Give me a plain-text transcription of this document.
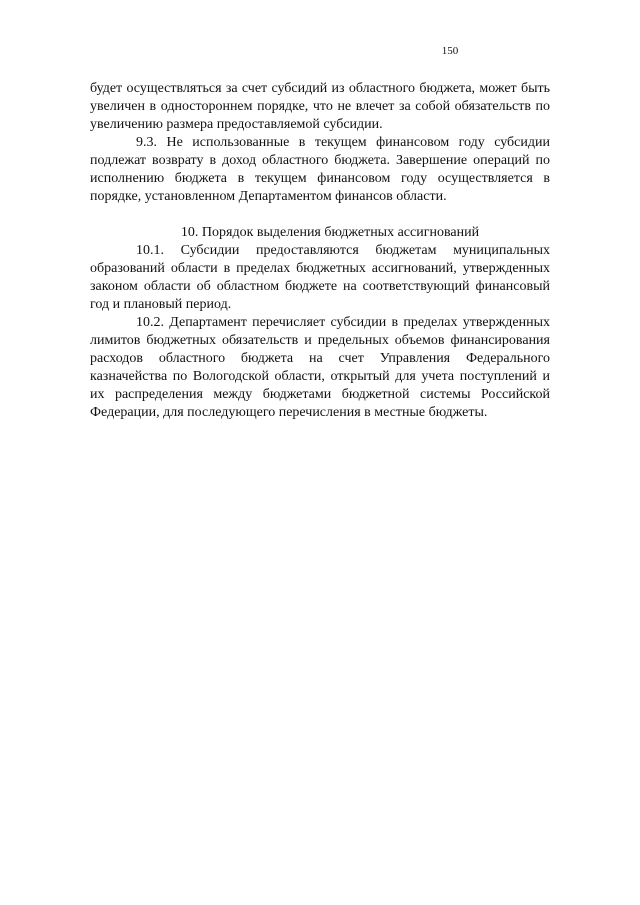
150

будет осуществляться за счет субсидий из областного бюджета, может быть увеличен в одностороннем порядке, что не влечет за собой обязательств по увеличению размера предоставляемой субсидии.

9.3. Не использованные в текущем финансовом году субсидии подлежат возврату в доход областного бюджета. Завершение операций по исполнению бюджета в текущем финансовом году осуществляется в порядке, установленном Департаментом финансов области.

10. Порядок выделения бюджетных ассигнований

10.1. Субсидии предоставляются бюджетам муниципальных образований области в пределах бюджетных ассигнований, утвержденных законом области об областном бюджете на соответствующий финансовый год и плановый период.

10.2. Департамент перечисляет субсидии в пределах утвержденных лимитов бюджетных обязательств и предельных объемов финансирования расходов областного бюджета на счет Управления Федерального казначейства по Вологодской области, открытый для учета поступлений и их распределения между бюджетами бюджетной системы Российской Федерации, для последующего перечисления в местные бюджеты.
